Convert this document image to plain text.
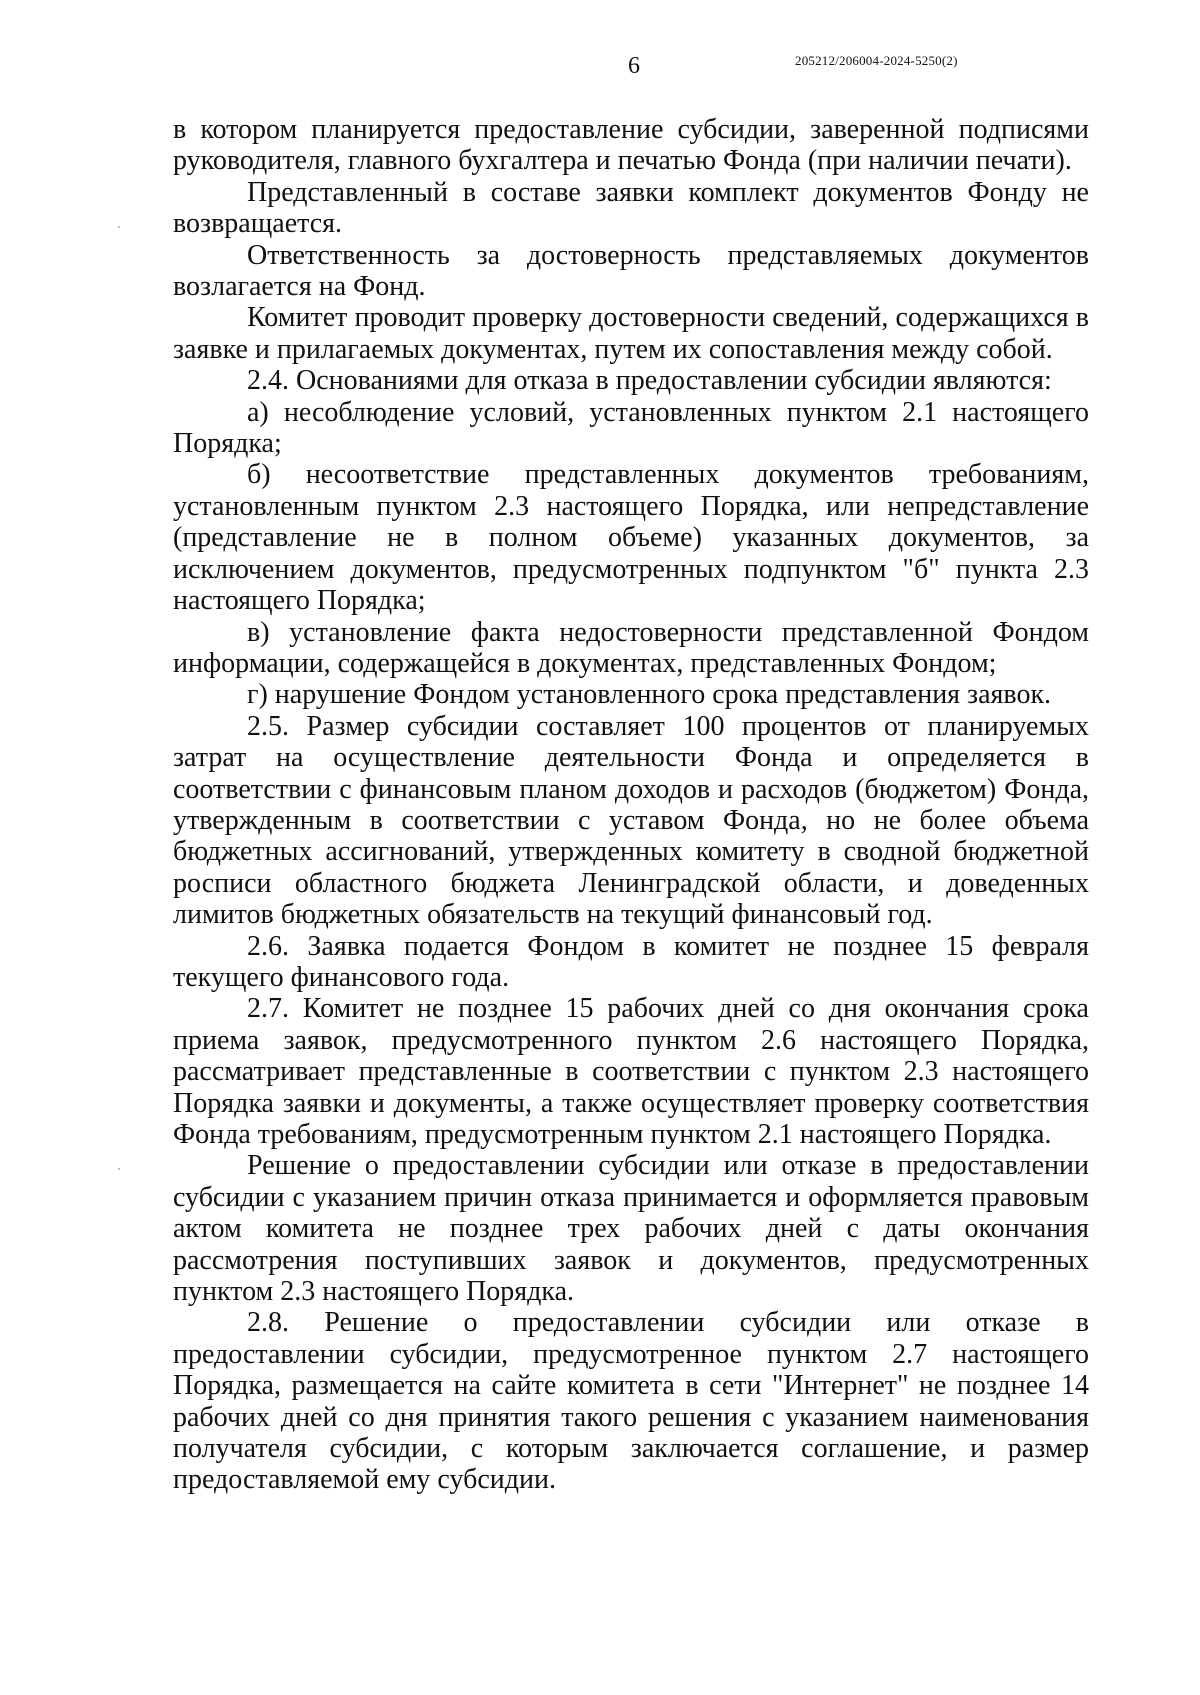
6	205212/206004-2024-5250(2)

в котором планируется предоставление субсидии, заверенной подписями руководителя, главного бухгалтера и печатью Фонда (при наличии печати).

Представленный в составе заявки комплект документов Фонду не возвращается.

Ответственность за достоверность представляемых документов возлагается на Фонд.

Комитет проводит проверку достоверности сведений, содержащихся в заявке и прилагаемых документах, путем их сопоставления между собой.

2.4. Основаниями для отказа в предоставлении субсидии являются:

а) несоблюдение условий, установленных пунктом 2.1 настоящего Порядка;

б) несоответствие представленных документов требованиям, установленным пунктом 2.3 настоящего Порядка, или непредставление (представление не в полном объеме) указанных документов, за исключением документов, предусмотренных подпунктом "б" пункта 2.3 настоящего Порядка;

в) установление факта недостоверности представленной Фондом информации, содержащейся в документах, представленных Фондом;

г) нарушение Фондом установленного срока представления заявок.

2.5. Размер субсидии составляет 100 процентов от планируемых затрат на осуществление деятельности Фонда и определяется в соответствии с финансовым планом доходов и расходов (бюджетом) Фонда, утвержденным в соответствии с уставом Фонда, но не более объема бюджетных ассигнований, утвержденных комитету в сводной бюджетной росписи областного бюджета Ленинградской области, и доведенных лимитов бюджетных обязательств на текущий финансовый год.

2.6. Заявка подается Фондом в комитет не позднее 15 февраля текущего финансового года.

2.7. Комитет не позднее 15 рабочих дней со дня окончания срока приема заявок, предусмотренного пунктом 2.6 настоящего Порядка, рассматривает представленные в соответствии с пунктом 2.3 настоящего Порядка заявки и документы, а также осуществляет проверку соответствия Фонда требованиям, предусмотренным пунктом 2.1 настоящего Порядка.

Решение о предоставлении субсидии или отказе в предоставлении субсидии с указанием причин отказа принимается и оформляется правовым актом комитета не позднее трех рабочих дней с даты окончания рассмотрения поступивших заявок и документов, предусмотренных пунктом 2.3 настоящего Порядка.

2.8. Решение о предоставлении субсидии или отказе в предоставлении субсидии, предусмотренное пунктом 2.7 настоящего Порядка, размещается на сайте комитета в сети "Интернет" не позднее 14 рабочих дней со дня принятия такого решения с указанием наименования получателя субсидии, с которым заключается соглашение, и размер предоставляемой ему субсидии.
